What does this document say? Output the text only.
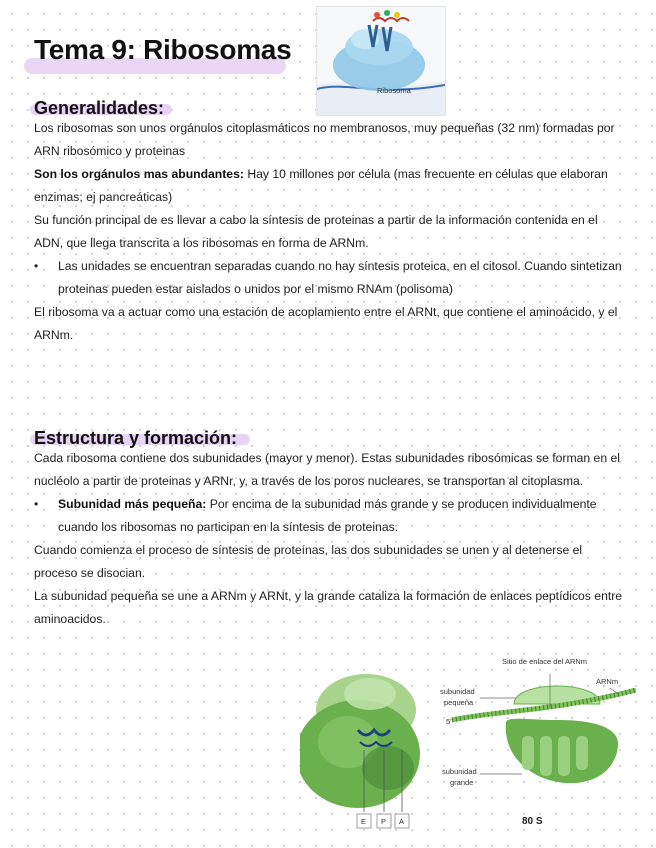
Tema 9: Ribosomas
Ribosoma
Generalidades:

Los ribosomas son unos orgánulos citoplasmáticos no membranosos, muy pequeñas (32 nm) formadas por ARN ribosómico y proteinas

Son los orgánulos mas abundantes: Hay 10 millones por célula (mas frecuente en células que elaboran enzimas; ej pancreáticas)

Su función principal de es llevar a cabo la síntesis de proteinas a partir de la información contenida en el ADN, que llega transcrita a los ribosomas en forma de ARNm.

• Las unidades se encuentran separadas cuando no hay síntesis proteica, en el citosol. Cuando sintetizan proteinas pueden estar aislados o unidos por el mismo RNAm (polisoma)

El ribosoma va a actuar como una estación de acoplamiento entre el ARNt, que contiene el aminoácido, y el ARNm.

Estructura y formación:

Cada ribosoma contiene dos subunidades (mayor y menor). Estas subunidades ribosómicas se forman en el nucléolo a partir de proteinas y ARNr, y, a través de los poros nucleares, se transportan al citoplasma.

• Subunidad más pequeña: Por encima de la subunidad más grande y se producen individualmente cuando los ribosomas no participan en la síntesis de proteinas.

Cuando comienza el proceso de síntesis de proteínas, las dos subunidades se unen y al detenerse el proceso se disocian.

La subunidad pequeña se une a ARNm y ARNt, y la grande cataliza la formación de enlaces peptídicos entre aminoacidos.

E P A
subunidad
pequeña
subunidad
grande
5'
Sitio de enlace del ARNm
ARNm
80 S
